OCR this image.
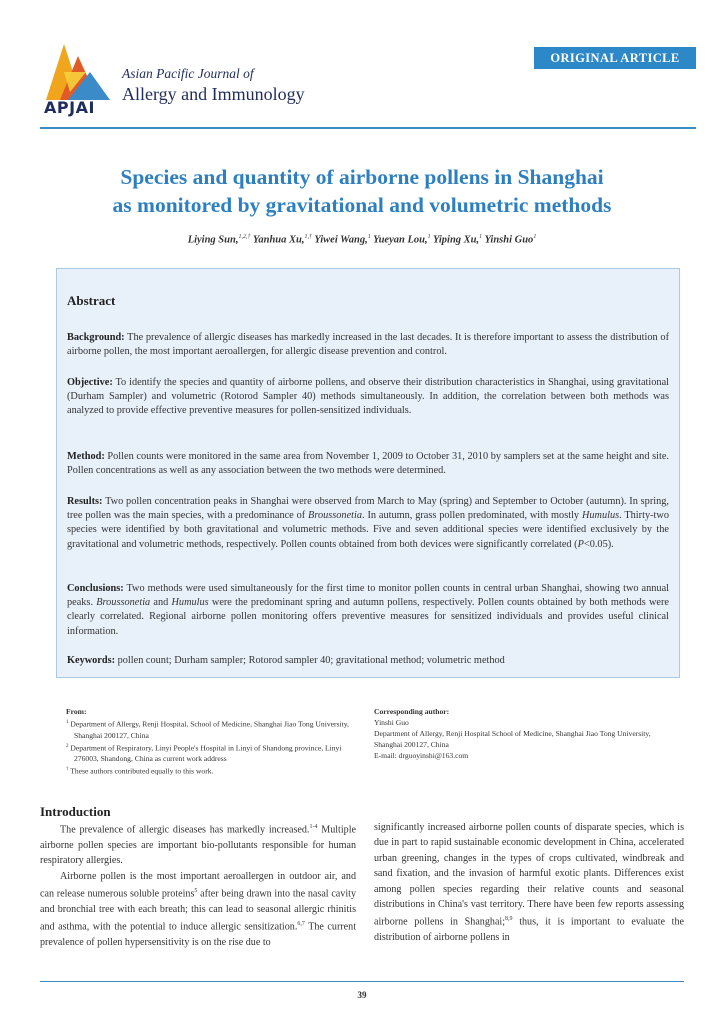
APJAI
Asian Pacific Journal of
Allergy and Immunology
ORIGINAL ARTICLE
Species and quantity of airborne pollens in Shanghai
as monitored by gravitational and volumetric methods
Liying Sun,$^{1,2,\dagger}$ Yanhua Xu,$^{1,\dagger}$ Yiwei Wang,$^1$ Yueyan Lou,$^1$ Yiping Xu,$^1$ Yinshi Guo$^1$
Abstract

Background: The prevalence of allergic diseases has markedly increased in the last decades. It is therefore important to assess the distribution of airborne pollen, the most important aeroallergen, for allergic disease prevention and control.

Objective: To identify the species and quantity of airborne pollens, and observe their distribution characteristics in Shanghai, using gravitational (Durham Sampler) and volumetric (Rotorod Sampler 40) methods simultaneously. In addition, the correlation between both methods was analyzed to provide effective preventive measures for pollen-sensitized individuals.

Method: Pollen counts were monitored in the same area from November 1, 2009 to October 31, 2010 by samplers set at the same height and site. Pollen concentrations as well as any association between the two methods were determined.

Results: Two pollen concentration peaks in Shanghai were observed from March to May (spring) and September to October (autumn). In spring, tree pollen was the main species, with a predominance of Broussonetia. In autumn, grass pollen predominated, with mostly Humulus. Thirty-two species were identified by both gravitational and volumetric methods. Five and seven additional species were identified exclusively by the gravitational and volumetric methods, respectively. Pollen counts obtained from both devices were significantly correlated (P<0.05).

Conclusions: Two methods were used simultaneously for the first time to monitor pollen counts in central urban Shanghai, showing two annual peaks. Broussonetia and Humulus were the predominant spring and autumn pollens, respectively. Pollen counts obtained by both methods were clearly correlated. Regional airborne pollen monitoring offers preventive measures for sensitized individuals and provides useful clinical information.

Keywords: pollen count; Durham sampler; Rotorod sampler 40; gravitational method; volumetric method

From:
$^1$ Department of Allergy, Renji Hospital, School of Medicine, Shanghai Jiao Tong University, Shanghai 200127, China
$^2$ Department of Respiratory, Linyi People's Hospital in Linyi of Shandong province, Linyi 276003, Shandong, China as current work address
† These authors contributed equally to this work.
Corresponding author:
Yinshi Guo
Department of Allergy, Renji Hospital School of Medicine, Shanghai Jiao Tong University, Shanghai 200127, China
E-mail: drguoyinshi@163.com
Introduction

The prevalence of allergic diseases has markedly increased.$^{1-4}$ Multiple airborne pollen species are important bio-pollutants responsible for human respiratory allergies.

Airborne pollen is the most important aeroallergen in outdoor air, and can release numerous soluble proteins$^5$ after being drawn into the nasal cavity and bronchial tree with each breath; this can lead to seasonal allergic rhinitis and asthma, with the potential to induce allergic sensitization.$^{6,7}$ The current prevalence of pollen hypersensitivity is on the rise due to

significantly increased airborne pollen counts of disparate species, which is due in part to rapid sustainable economic development in China, accelerated urban greening, changes in the types of crops cultivated, windbreak and sand fixation, and the invasion of harmful exotic plants. Differences exist among pollen species regarding their relative counts and seasonal distributions in China's vast territory. There have been few reports assessing airborne pollens in Shanghai;$^{8,9}$ thus, it is important to evaluate the distribution of airborne pollens in

39
